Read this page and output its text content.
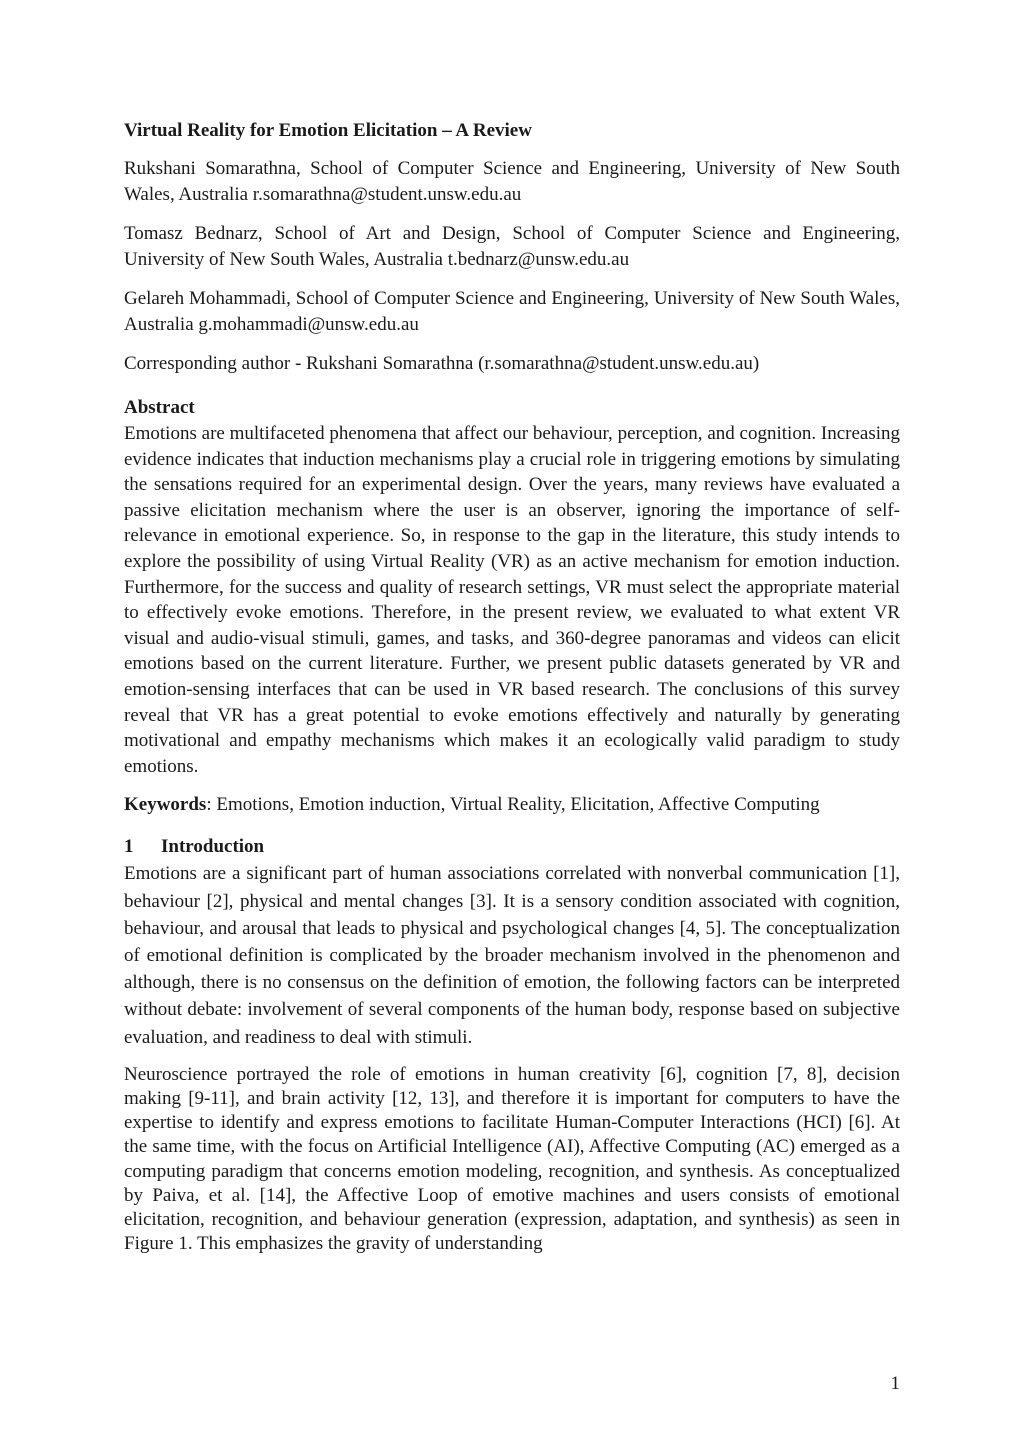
Virtual Reality for Emotion Elicitation – A Review

Rukshani Somarathna, School of Computer Science and Engineering, University of New South Wales, Australia r.somarathna@student.unsw.edu.au

Tomasz Bednarz, School of Art and Design, School of Computer Science and Engineering, University of New South Wales, Australia t.bednarz@unsw.edu.au

Gelareh Mohammadi, School of Computer Science and Engineering, University of New South Wales, Australia g.mohammadi@unsw.edu.au

Corresponding author - Rukshani Somarathna (r.somarathna@student.unsw.edu.au)

Abstract

Emotions are multifaceted phenomena that affect our behaviour, perception, and cognition. Increasing evidence indicates that induction mechanisms play a crucial role in triggering emotions by simulating the sensations required for an experimental design. Over the years, many reviews have evaluated a passive elicitation mechanism where the user is an observer, ignoring the importance of self-relevance in emotional experience. So, in response to the gap in the literature, this study intends to explore the possibility of using Virtual Reality (VR) as an active mechanism for emotion induction. Furthermore, for the success and quality of research settings, VR must select the appropriate material to effectively evoke emotions. Therefore, in the present review, we evaluated to what extent VR visual and audio-visual stimuli, games, and tasks, and 360-degree panoramas and videos can elicit emotions based on the current literature. Further, we present public datasets generated by VR and emotion-sensing interfaces that can be used in VR based research. The conclusions of this survey reveal that VR has a great potential to evoke emotions effectively and naturally by generating motivational and empathy mechanisms which makes it an ecologically valid paradigm to study emotions.

Keywords: Emotions, Emotion induction, Virtual Reality, Elicitation, Affective Computing

1 Introduction

Emotions are a significant part of human associations correlated with nonverbal communication [1], behaviour [2], physical and mental changes [3]. It is a sensory condition associated with cognition, behaviour, and arousal that leads to physical and psychological changes [4, 5]. The conceptualization of emotional definition is complicated by the broader mechanism involved in the phenomenon and although, there is no consensus on the definition of emotion, the following factors can be interpreted without debate: involvement of several components of the human body, response based on subjective evaluation, and readiness to deal with stimuli.

Neuroscience portrayed the role of emotions in human creativity [6], cognition [7, 8], decision making [9-11], and brain activity [12, 13], and therefore it is important for computers to have the expertise to identify and express emotions to facilitate Human-Computer Interactions (HCI) [6]. At the same time, with the focus on Artificial Intelligence (AI), Affective Computing (AC) emerged as a computing paradigm that concerns emotion modeling, recognition, and synthesis. As conceptualized by Paiva, et al. [14], the Affective Loop of emotive machines and users consists of emotional elicitation, recognition, and behaviour generation (expression, adaptation, and synthesis) as seen in Figure 1. This emphasizes the gravity of understanding

1
